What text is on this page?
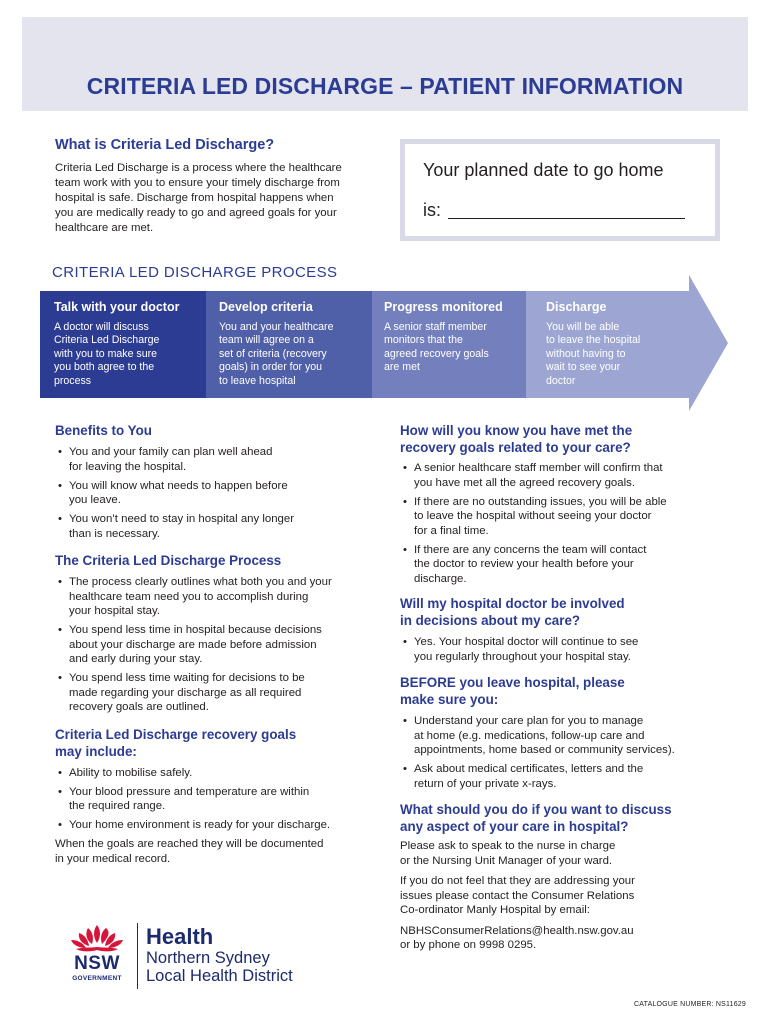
CRITERIA LED DISCHARGE – PATIENT INFORMATION
What is Criteria Led Discharge?

Criteria Led Discharge is a process where the healthcare
team work with you to ensure your timely discharge from
hospital is safe. Discharge from hospital happens when
you are medically ready to go and agreed goals for your
healthcare are met.

Your planned date to go home
is:
CRITERIA LED DISCHARGE PROCESS
Talk with your doctor
A doctor will discuss
Criteria Led Discharge
with you to make sure
you both agree to the
process
Develop criteria
You and your healthcare
team will agree on a
set of criteria (recovery
goals) in order for you
to leave hospital
Progress monitored
A senior staff member
monitors that the
agreed recovery goals
are met
Discharge
You will be able
to leave the hospital
without having to
wait to see your
doctor
Benefits to You
• You and your family can plan well ahead
for leaving the hospital.
• You will know what needs to happen before
you leave.
• You won’t need to stay in hospital any longer
than is necessary.
The Criteria Led Discharge Process
• The process clearly outlines what both you and your
healthcare team need you to accomplish during
your hospital stay.
• You spend less time in hospital because decisions
about your discharge are made before admission
and early during your stay.
• You spend less time waiting for decisions to be
made regarding your discharge as all required
recovery goals are outlined.
Criteria Led Discharge recovery goals
may include:
• Ability to mobilise safely.
• Your blood pressure and temperature are within
the required range.
• Your home environment is ready for your discharge.

When the goals are reached they will be documented
in your medical record.

How will you know you have met the
recovery goals related to your care?
• A senior healthcare staff member will confirm that
you have met all the agreed recovery goals.
• If there are no outstanding issues, you will be able
to leave the hospital without seeing your doctor
for a final time.
• If there are any concerns the team will contact
the doctor to review your health before your
discharge.
Will my hospital doctor be involved
in decisions about my care?
• Yes. Your hospital doctor will continue to see
you regularly throughout your hospital stay.
BEFORE you leave hospital, please
make sure you:
• Understand your care plan for you to manage
at home (e.g. medications, follow-up care and
appointments, home based or community services).
• Ask about medical certificates, letters and the
return of your private x-rays.
What should you do if you want to discuss
any aspect of your care in hospital?

Please ask to speak to the nurse in charge
or the Nursing Unit Manager of your ward.

If you do not feel that they are addressing your
issues please contact the Consumer Relations
Co-ordinator Manly Hospital by email:

NBHSConsumerRelations@health.nsw.gov.au
or by phone on 9998 0295.

NSW
GOVERNMENT
Health
Northern Sydney
Local Health District
CATALOGUE NUMBER: NS11629
